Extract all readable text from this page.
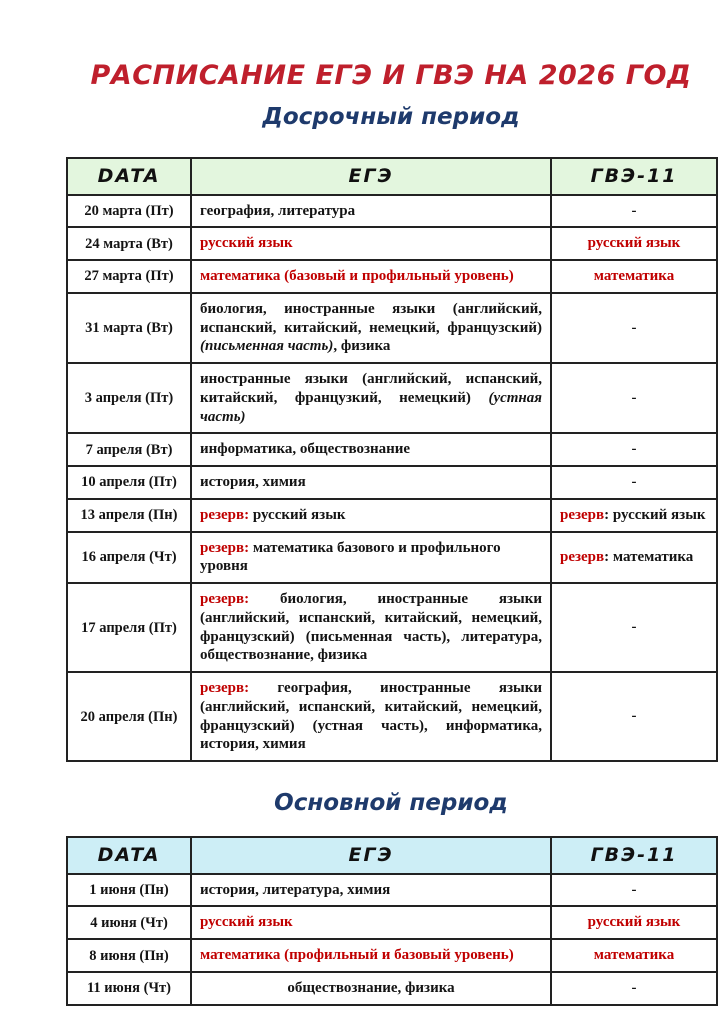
РАСПИСАНИЕ ЕГЭ И ГВЭ НА 2026 ГОД
Досрочный период
DATA	ЕГЭ	ГВЭ-11
20 марта (Пт)	география, литература	-
24 марта (Вт)	русский язык	русский язык
27 марта (Пт)	математика (базовый и профильный уровень)	математика
31 марта (Вт)	биология, иностранные языки (английский, испанский, китайский, немецкий, французский) (письменная часть), физика	-
3 апреля (Пт)	иностранные языки (английский, испанский, китайский, французкий, немецкий) (устная часть)	-
7 апреля (Вт)	информатика, обществознание	-
10 апреля (Пт)	история, химия	-
13 апреля (Пн)	резерв: русский язык	резерв: русский язык
16 апреля (Чт)	резерв: математика базового и профильного уровня	резерв: математика
17 апреля (Пт)	резерв: биология, иностранные языки (английский, испанский, китайский, немецкий, французский) (письменная часть), литература, обществознание, физика	-
20 апреля (Пн)	резерв: география, иностранные языки (английский, испанский, китайский, немецкий, французский) (устная часть), информатика, история, химия	-
Основной период
DATA	ЕГЭ	ГВЭ-11
1 июня (Пн)	история, литература, химия	-
4 июня (Чт)	русский язык	русский язык
8 июня (Пн)	математика (профильный и базовый уровень)	математика
11 июня (Чт)	обществознание, физика	-
